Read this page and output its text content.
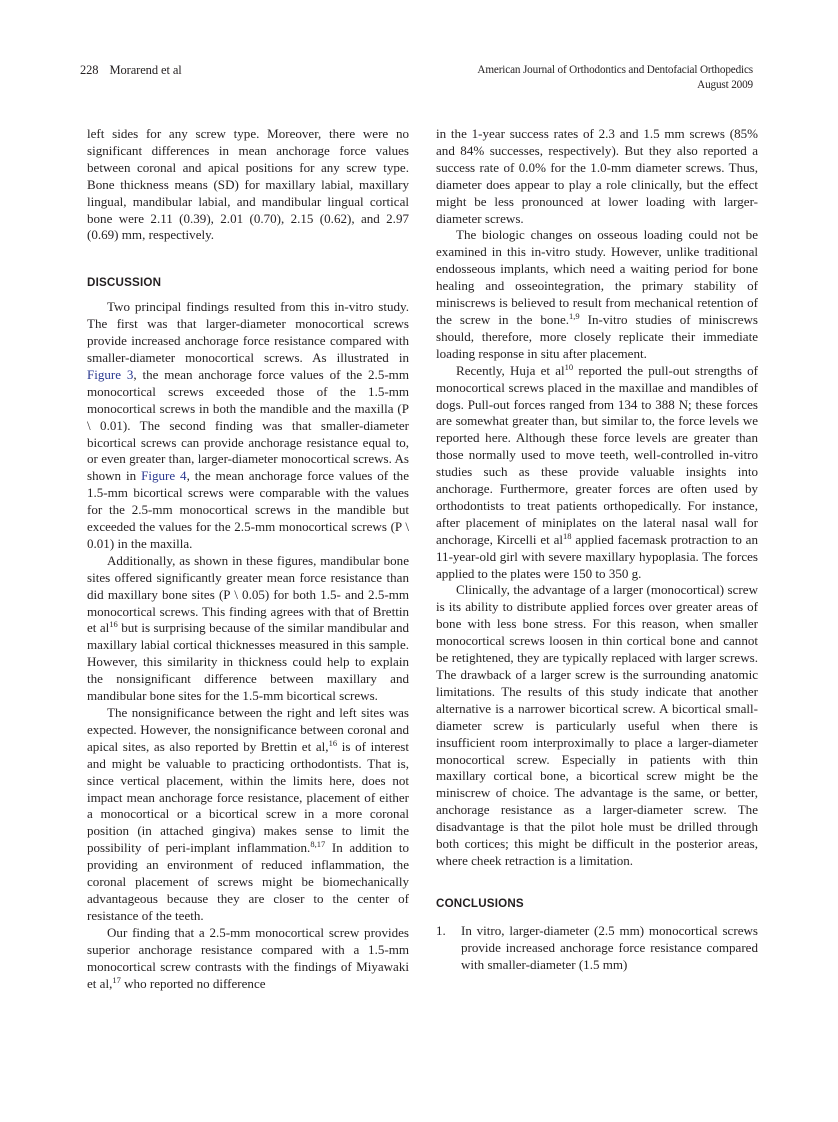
228 Morarend et al	American Journal of Orthodontics and Dentofacial Orthopedics
August 2009

left sides for any screw type. Moreover, there were no significant differences in mean anchorage force values between coronal and apical positions for any screw type. Bone thickness means (SD) for maxillary labial, maxillary lingual, mandibular labial, and mandibular lingual cortical bone were 2.11 (0.39), 2.01 (0.70), 2.15 (0.62), and 2.97 (0.69) mm, respectively.

DISCUSSION

Two principal findings resulted from this in-vitro study. The first was that larger-diameter monocortical screws provide increased anchorage force resistance compared with smaller-diameter monocortical screws. As illustrated in Figure 3, the mean anchorage force values of the 2.5-mm monocortical screws exceeded those of the 1.5-mm monocortical screws in both the mandible and the maxilla (P \ 0.01). The second finding was that smaller-diameter bicortical screws can provide anchorage resistance equal to, or even greater than, larger-diameter monocortical screws. As shown in Figure 4, the mean anchorage force values of the 1.5-mm bicortical screws were comparable with the values for the 2.5-mm monocortical screws in the mandible but exceeded the values for the 2.5-mm monocortical screws (P \ 0.01) in the maxilla.

Additionally, as shown in these figures, mandibular bone sites offered significantly greater mean force resistance than did maxillary bone sites (P \ 0.05) for both 1.5- and 2.5-mm monocortical screws. This finding agrees with that of Brettin et $al^{16}$ but is surprising because of the similar mandibular and maxillary labial cortical thicknesses measured in this sample. However, this similarity in thickness could help to explain the nonsignificant difference between maxillary and mandibular bone sites for the 1.5-mm bicortical screws.

The nonsignificance between the right and left sites was expected. However, the nonsignificance between coronal and apical sites, as also reported by Brettin et al,$^{16}$ is of interest and might be valuable to practicing orthodontists. That is, since vertical placement, within the limits here, does not impact mean anchorage force resistance, placement of either a monocortical or a bicortical screw in a more coronal position (in attached gingiva) makes sense to limit the possibility of peri-implant inflammation.$^{8,17}$ In addition to providing an environment of reduced inflammation, the coronal placement of screws might be biomechanically advantageous because they are closer to the center of resistance of the teeth.

Our finding that a 2.5-mm monocortical screw provides superior anchorage resistance compared with a 1.5-mm monocortical screw contrasts with the findings of Miyawaki et al,$^{17}$ who reported no difference

in the 1-year success rates of 2.3 and 1.5 mm screws (85% and 84% successes, respectively). But they also reported a success rate of 0.0% for the 1.0-mm diameter screws. Thus, diameter does appear to play a role clinically, but the effect might be less pronounced at lower loading with larger-diameter screws.

The biologic changes on osseous loading could not be examined in this in-vitro study. However, unlike traditional endosseous implants, which need a waiting period for bone healing and osseointegration, the primary stability of miniscrews is believed to result from mechanical retention of the screw in the bone.$^{1,9}$ In-vitro studies of miniscrews should, therefore, more closely replicate their immediate loading response in situ after placement.

Recently, Huja et $al^{10}$ reported the pull-out strengths of monocortical screws placed in the maxillae and mandibles of dogs. Pull-out forces ranged from 134 to 388 N; these forces are somewhat greater than, but similar to, the force levels we reported here. Although these force levels are greater than those normally used to move teeth, well-controlled in-vitro studies such as these provide valuable insights into anchorage. Furthermore, greater forces are often used by orthodontists to treat patients orthopedically. For instance, after placement of miniplates on the lateral nasal wall for anchorage, Kircelli et $al^{18}$ applied facemask protraction to an 11-year-old girl with severe maxillary hypoplasia. The forces applied to the plates were 150 to 350 g.

Clinically, the advantage of a larger (monocortical) screw is its ability to distribute applied forces over greater areas of bone with less bone stress. For this reason, when smaller monocortical screws loosen in thin cortical bone and cannot be retightened, they are typically replaced with larger screws. The drawback of a larger screw is the surrounding anatomic limitations. The results of this study indicate that another alternative is a narrower bicortical screw. A bicortical small-diameter screw is particularly useful when there is insufficient room interproximally to place a larger-diameter monocortical screw. Especially in patients with thin maxillary cortical bone, a bicortical screw might be the miniscrew of choice. The advantage is the same, or better, anchorage resistance as a larger-diameter screw. The disadvantage is that the pilot hole must be drilled through both cortices; this might be difficult in the posterior areas, where cheek retraction is a limitation.

CONCLUSIONS
1. In vitro, larger-diameter (2.5 mm) monocortical screws provide increased anchorage force resistance compared with smaller-diameter (1.5 mm)
